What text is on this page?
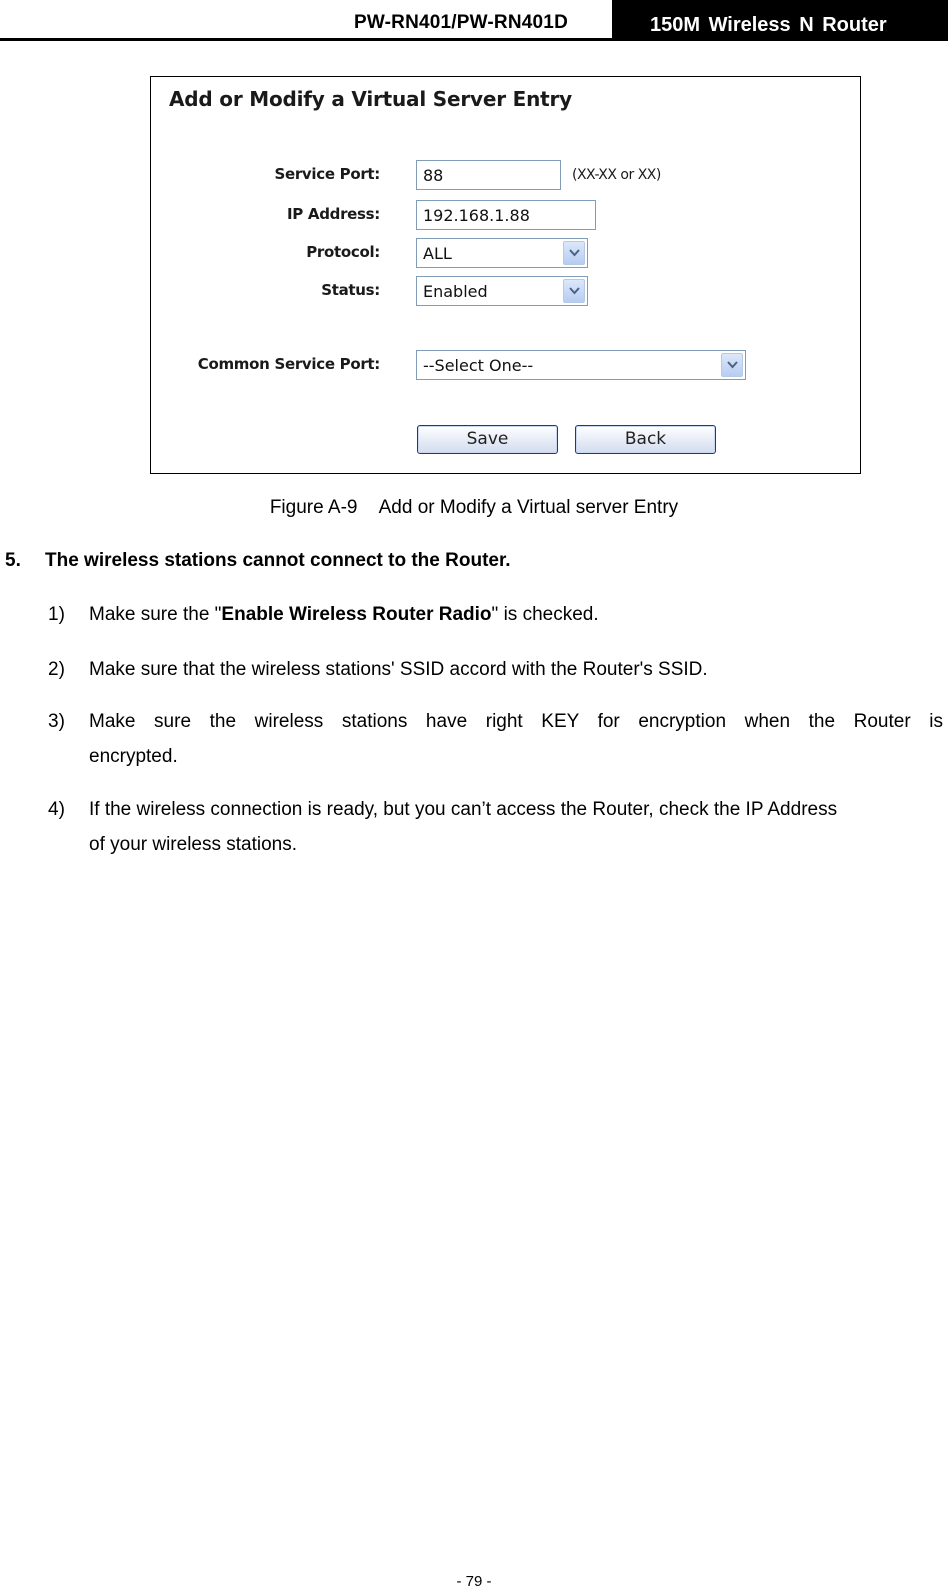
PW-RN401/PW-RN401D	150M Wireless N Router
Add or Modify a Virtual Server Entry
Service Port:	88	(XX-XX or XX)
IP Address:	192.168.1.88
Protocol:	ALL
Status:	Enabled
Common Service Port:	--Select One--
Save	Back
Figure A-9 Add or Modify a Virtual server Entry
5. The wireless stations cannot connect to the Router.
1) Make sure the "Enable Wireless Router Radio" is checked.
2) Make sure that the wireless stations' SSID accord with the Router's SSID.
3) Make  sure  the  wireless  stations  have  right  KEY  for  encryption  when  the  Router  is
encrypted.
4) If the wireless connection is ready, but you can’t access the Router, check the IP Address
of your wireless stations.
- 79 -
